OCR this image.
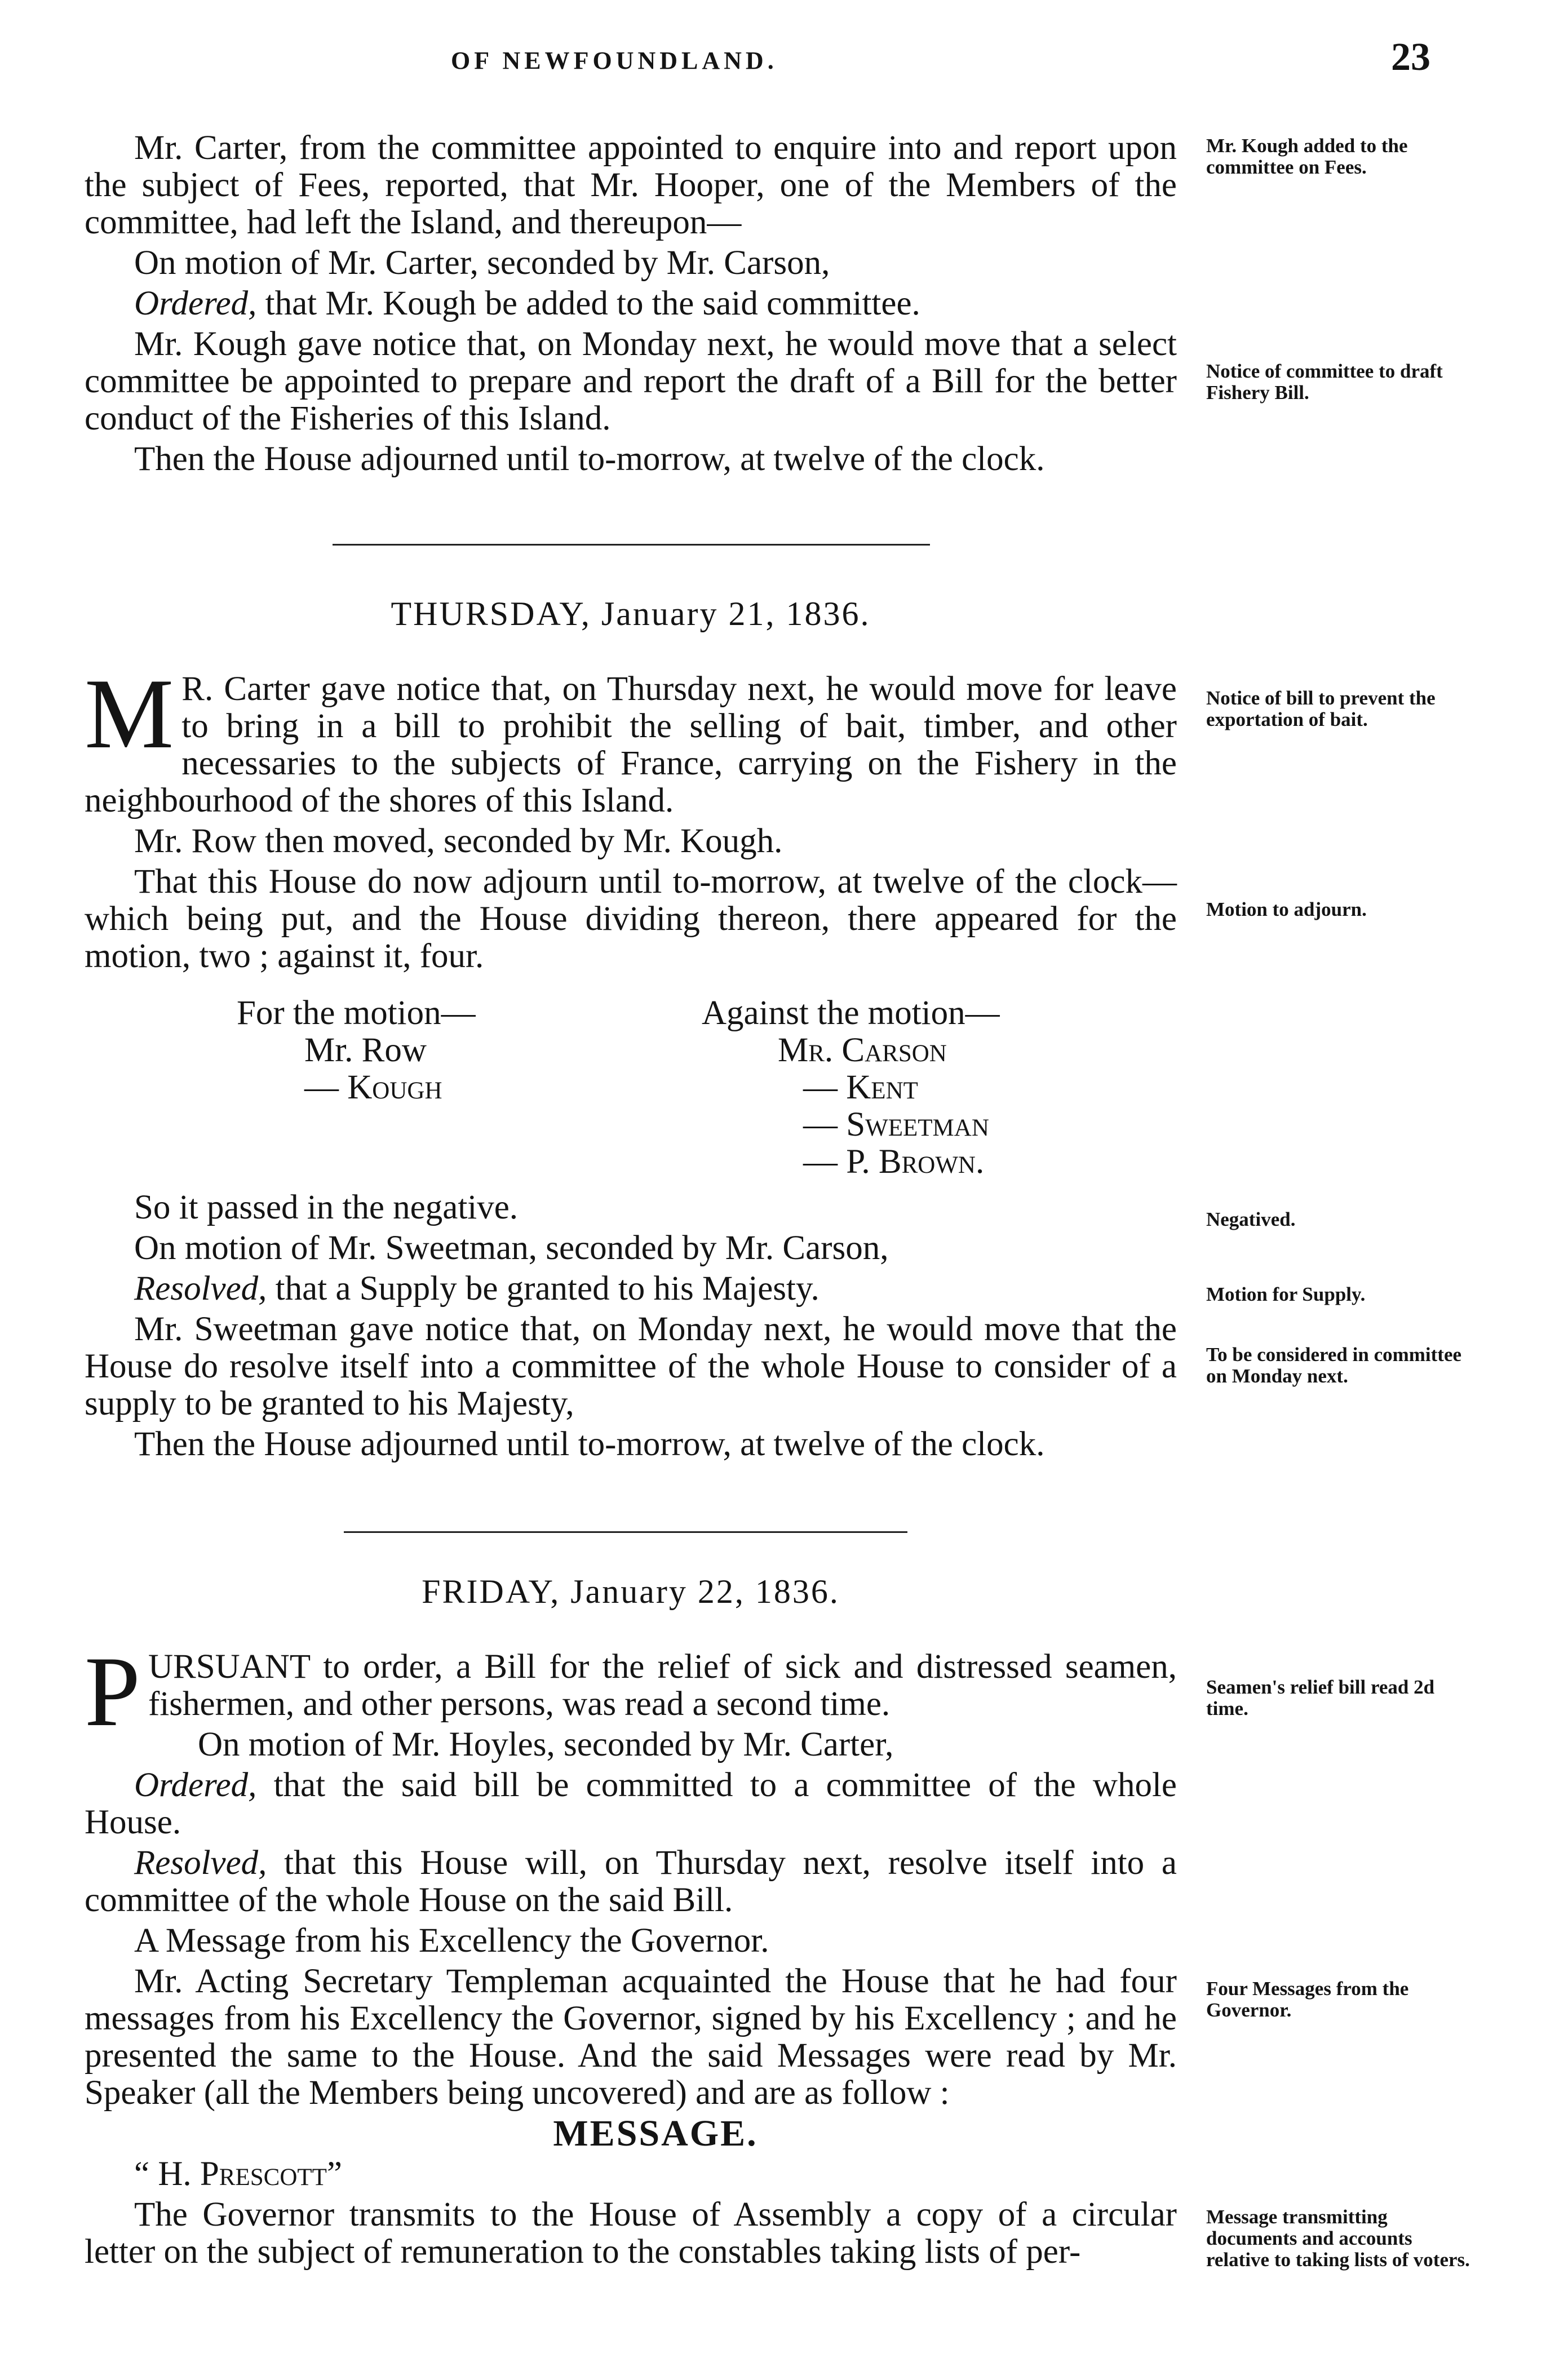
OF NEWFOUNDLAND.	23

Mr. Carter, from the committee appointed to enquire into and report upon the subject of Fees, reported, that Mr. Hooper, one of the Members of the committee, had left the Island, and thereupon—

On motion of Mr. Carter, seconded by Mr. Carson,

Ordered, that Mr. Kough be added to the said committee.

Mr. Kough gave notice that, on Monday next, he would move that a select committee be appointed to prepare and report the draft of a Bill for the better conduct of the Fisheries of this Island.

Then the House adjourned until to-morrow, at twelve of the clock.

Mr. Kough added to the committee on Fees.
Notice of committee to draft Fishery Bill.
THURSDAY, January 21, 1836.

M R. Carter gave notice that, on Thursday next, he would move for leave to bring in a bill to prohibit the selling of bait, timber, and other necessaries to the subjects of France, carrying on the Fishery in the neighbourhood of the shores of this Island.

Mr. Row then moved, seconded by Mr. Kough.

That this House do now adjourn until to-morrow, at twelve of the clock—which being put, and the House dividing thereon, there appeared for the motion, two ; against it, four.

Notice of bill to prevent the exportation of bait.
Motion to adjourn.
For the motion—
Mr. Row
— Kough
Against the motion—
Mr. Carson
— Kent
— Sweetman
— P. Brown.

So it passed in the negative.

On motion of Mr. Sweetman, seconded by Mr. Carson,

Resolved, that a Supply be granted to his Majesty.

Mr. Sweetman gave notice that, on Monday next, he would move that the House do resolve itself into a committee of the whole House to consider of a supply to be granted to his Majesty,

Then the House adjourned until to-morrow, at twelve of the clock.

Negatived.
Motion for Supply.
To be considered in committee on Monday next.
FRIDAY, January 22, 1836.

PURSUANT to order, a Bill for the relief of sick and distressed seamen, fishermen, and other persons, was read a second time.

On motion of Mr. Hoyles, seconded by Mr. Carter,

Ordered, that the said bill be committed to a committee of the whole House.

Resolved, that this House will, on Thursday next, resolve itself into a committee of the whole House on the said Bill.

A Message from his Excellency the Governor.

Mr. Acting Secretary Templeman acquainted the House that he had four messages from his Excellency the Governor, signed by his Excellency ; and he presented the same to the House. And the said Messages were read by Mr. Speaker (all the Members being uncovered) and are as follow :

MESSAGE.

“ H. Prescott”

The Governor transmits to the House of Assembly a copy of a circular letter on the subject of remuneration to the constables taking lists of per-

Seamen's relief bill read 2d time.
Four Messages from the Governor.
Message transmitting documents and accounts relative to taking lists of voters.
